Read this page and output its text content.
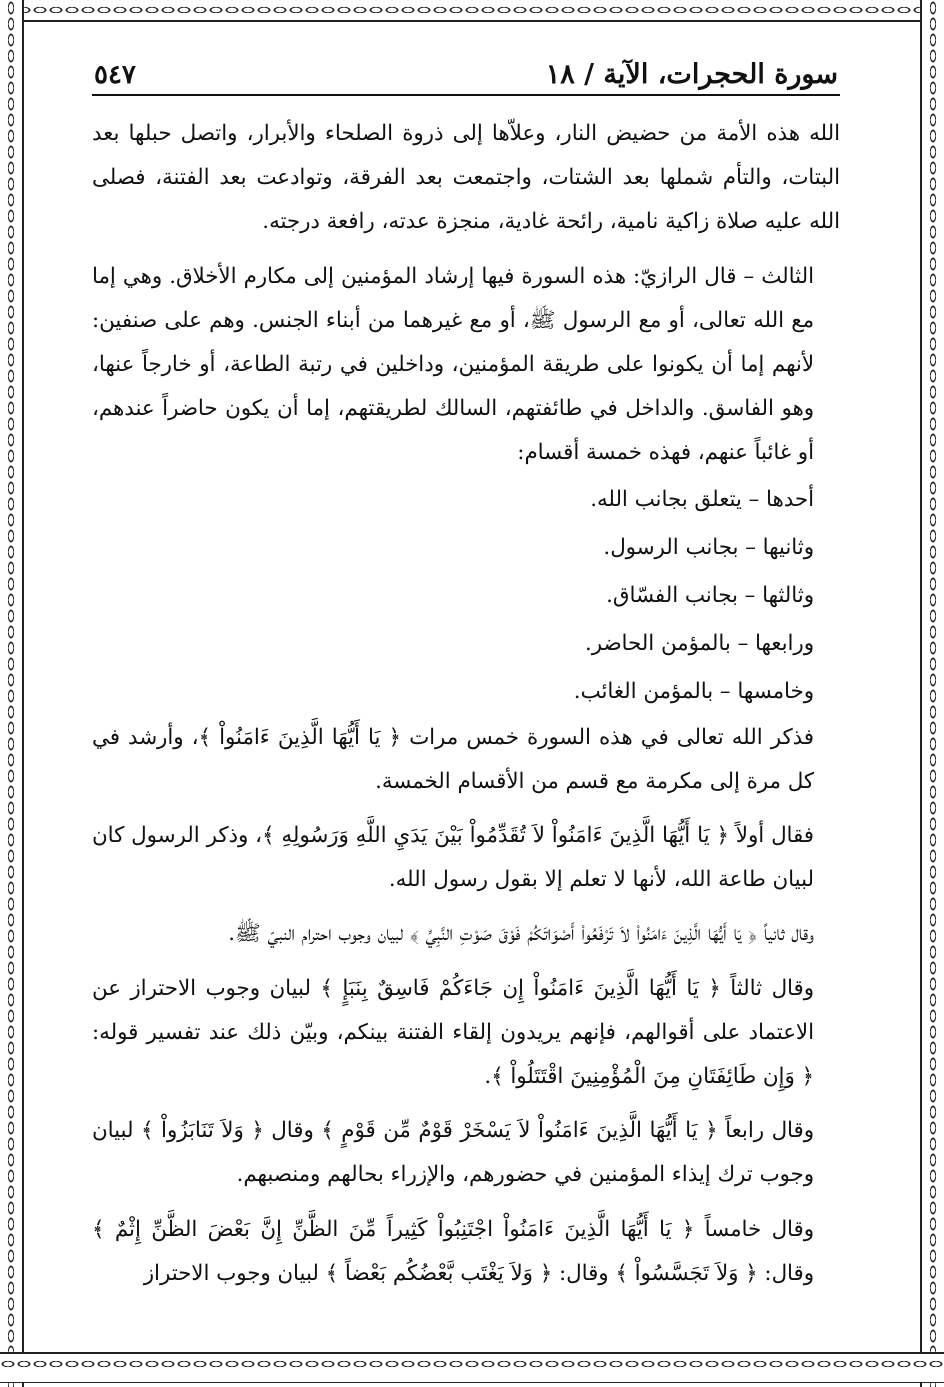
سورة الحجرات، الآية / ١٨
٥٤٧

الله هذه الأمة من حضيض النار، وعلاّها إلى ذروة الصلحاء والأبرار، واتصل حبلها بعد البتات، والتأم شملها بعد الشتات، واجتمعت بعد الفرقة، وتوادعت بعد الفتنة، فصلى الله عليه صلاة زاكية نامية، رائحة غادية، منجزة عدته، رافعة درجته.

الثالث – قال الرازيّ: هذه السورة فيها إرشاد المؤمنين إلى مكارم الأخلاق. وهي إما مع الله تعالى، أو مع الرسول ﷺ، أو مع غيرهما من أبناء الجنس. وهم على صنفين: لأنهم إما أن يكونوا على طريقة المؤمنين، وداخلين في رتبة الطاعة، أو خارجاً عنها، وهو الفاسق. والداخل في طائفتهم، السالك لطريقتهم، إما أن يكون حاضراً عندهم، أو غائباً عنهم، فهذه خمسة أقسام:

أحدها – يتعلق بجانب الله.

وثانيها – بجانب الرسول.

وثالثها – بجانب الفسّاق.

ورابعها – بالمؤمن الحاضر.

وخامسها – بالمؤمن الغائب.

فذكر الله تعالى في هذه السورة خمس مرات ﴿ يَا أَيُّهَا الَّذِينَ ءَامَنُواْ ﴾، وأرشد في كل مرة إلى مكرمة مع قسم من الأقسام الخمسة.

فقال أولاً ﴿ يَا أَيُّهَا الَّذِينَ ءَامَنُواْ لاَ تُقَدِّمُواْ بَيْنَ يَدَيِ اللَّهِ وَرَسُولِهِ ﴾، وذكر الرسول كان لبيان طاعة الله، لأنها لا تعلم إلا بقول رسول الله.

وقال ثانياً ﴿ يَا أَيُّهَا الَّذِينَ ءَامَنُواْ لاَ تَرْفَعُواْ أَصْوَاتَكُمْ فَوْقَ صَوْتِ النَّبِيِّ ﴾ لبيان وجوب احترام النبيّ ﷺ.

وقال ثالثاً ﴿ يَا أَيُّهَا الَّذِينَ ءَامَنُواْ إِن جَاءَكُمْ فَاسِقٌ بِنَبَإٍ ﴾ لبيان وجوب الاحتراز عن الاعتماد على أقوالهم، فإنهم يريدون إلقاء الفتنة بينكم، وبيّن ذلك عند تفسير قوله: ﴿ وَإِن طَائِفَتَانِ مِنَ الْمُؤْمِنِينَ اقْتَتَلُواْ ﴾.

وقال رابعاً ﴿ يَا أَيُّهَا الَّذِينَ ءَامَنُواْ لاَ يَسْخَرْ قَوْمٌ مِّن قَوْمٍ ﴾ وقال ﴿ وَلاَ تَنَابَزُواْ ﴾ لبيان وجوب ترك إيذاء المؤمنين في حضورهم، والإزراء بحالهم ومنصبهم.

وقال خامساً ﴿ يَا أَيُّهَا الَّذِينَ ءَامَنُواْ اجْتَنِبُواْ كَثِيراً مِّنَ الظَّنِّ إِنَّ بَعْضَ الظَّنِّ إِثْمٌ ﴾ وقال: ﴿ وَلاَ تَجَسَّسُواْ ﴾ وقال: ﴿ وَلاَ يَغْتَب بَّعْضُكُم بَعْضاً ﴾ لبيان وجوب الاحتراز
